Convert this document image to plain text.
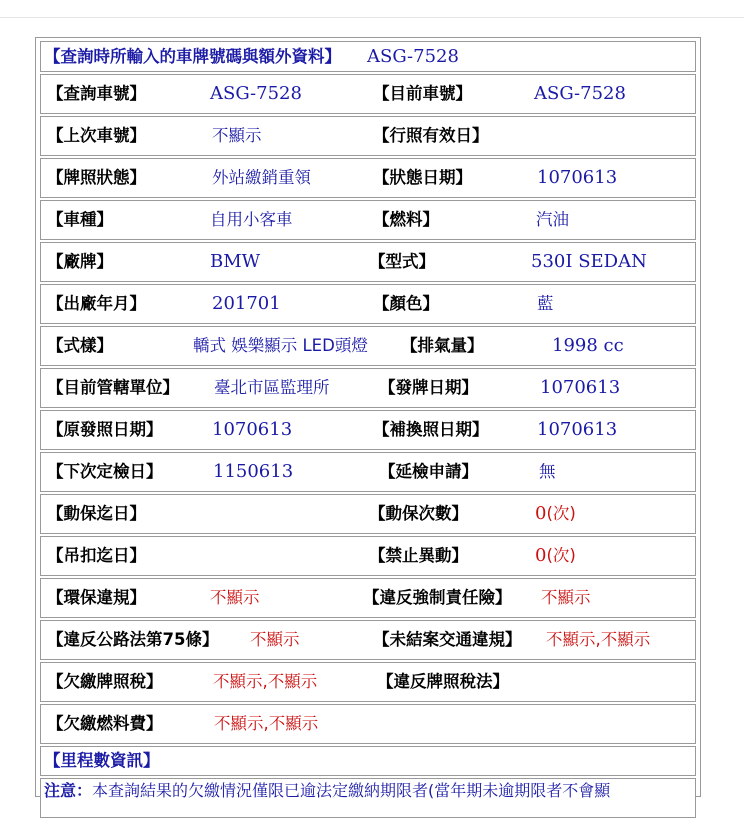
【查詢時所輸入的車牌號碼與額外資料】 ASG-7528
【查詢車號】	ASG-7528	【目前車號】	ASG-7528
【上次車號】	不顯示	【行照有效日】
【牌照狀態】	外站繳銷重領	【狀態日期】	1070613
【車種】	自用小客車	【燃料】	汽油
【廠牌】	BMW	【型式】	530I SEDAN
【出廠年月】	201701	【顏色】	藍
【式樣】	轎式 娛樂顯示 LED頭燈 【排氣量】	1998 cc
【目前管轄單位】 臺北市區監理所	【發牌日期】	1070613
【原發照日期】	1070613	【補換照日期】	1070613
【下次定檢日】	1150613	【延檢申請】	無
【動保迄日】	【動保次數】	0(次)
【吊扣迄日】	【禁止異動】	0(次)
【環保違規】	不顯示	【違反強制責任險】 不顯示
【違反公路法第75條】 不顯示	【未結案交通違規】 不顯示,不顯示
【欠繳牌照稅】	不顯示,不顯示	【違反牌照稅法】
【欠繳燃料費】	不顯示,不顯示
【里程數資訊】
注意：本查詢結果的欠繳情況僅限已逾法定繳納期限者(當年期未逾期限者不會顯
